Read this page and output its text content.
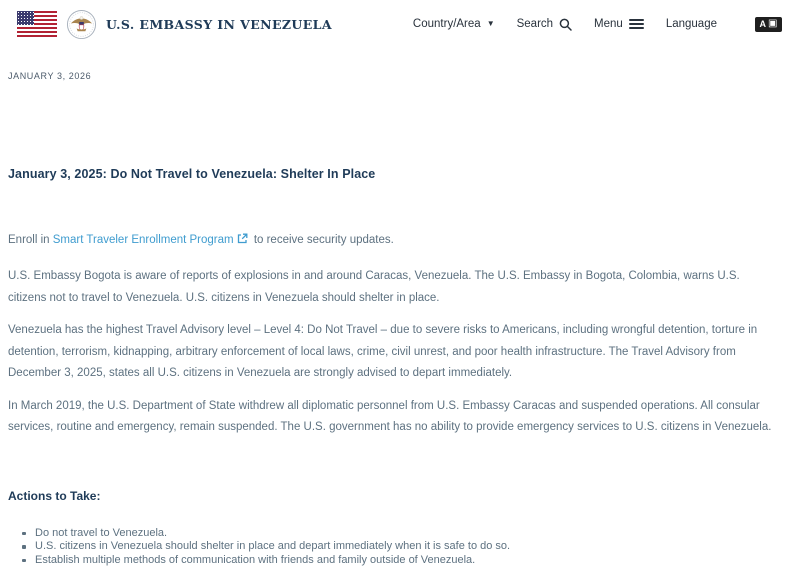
U.S. EMBASSY IN VENEZUELA	Country/Area ▼ Search	Menu	Language	A ▣
JANUARY 3, 2026
January 3, 2025: Do Not Travel to Venezuela: Shelter In Place

Enroll in Smart Traveler Enrollment Program to receive security updates.

U.S. Embassy Bogota is aware of reports of explosions in and around Caracas, Venezuela. The U.S. Embassy in Bogota, Colombia, warns U.S. citizens not to travel to Venezuela. U.S. citizens in Venezuela should shelter in place.

Venezuela has the highest Travel Advisory level – Level 4: Do Not Travel – due to severe risks to Americans, including wrongful detention, torture in detention, terrorism, kidnapping, arbitrary enforcement of local laws, crime, civil unrest, and poor health infrastructure. The Travel Advisory from December 3, 2025, states all U.S. citizens in Venezuela are strongly advised to depart immediately.

In March 2019, the U.S. Department of State withdrew all diplomatic personnel from U.S. Embassy Caracas and suspended operations. All consular services, routine and emergency, remain suspended. The U.S. government has no ability to provide emergency services to U.S. citizens in Venezuela.

Actions to Take:
Do not travel to Venezuela.
U.S. citizens in Venezuela should shelter in place and depart immediately when it is safe to do so.
Establish multiple methods of communication with friends and family outside of Venezuela.
